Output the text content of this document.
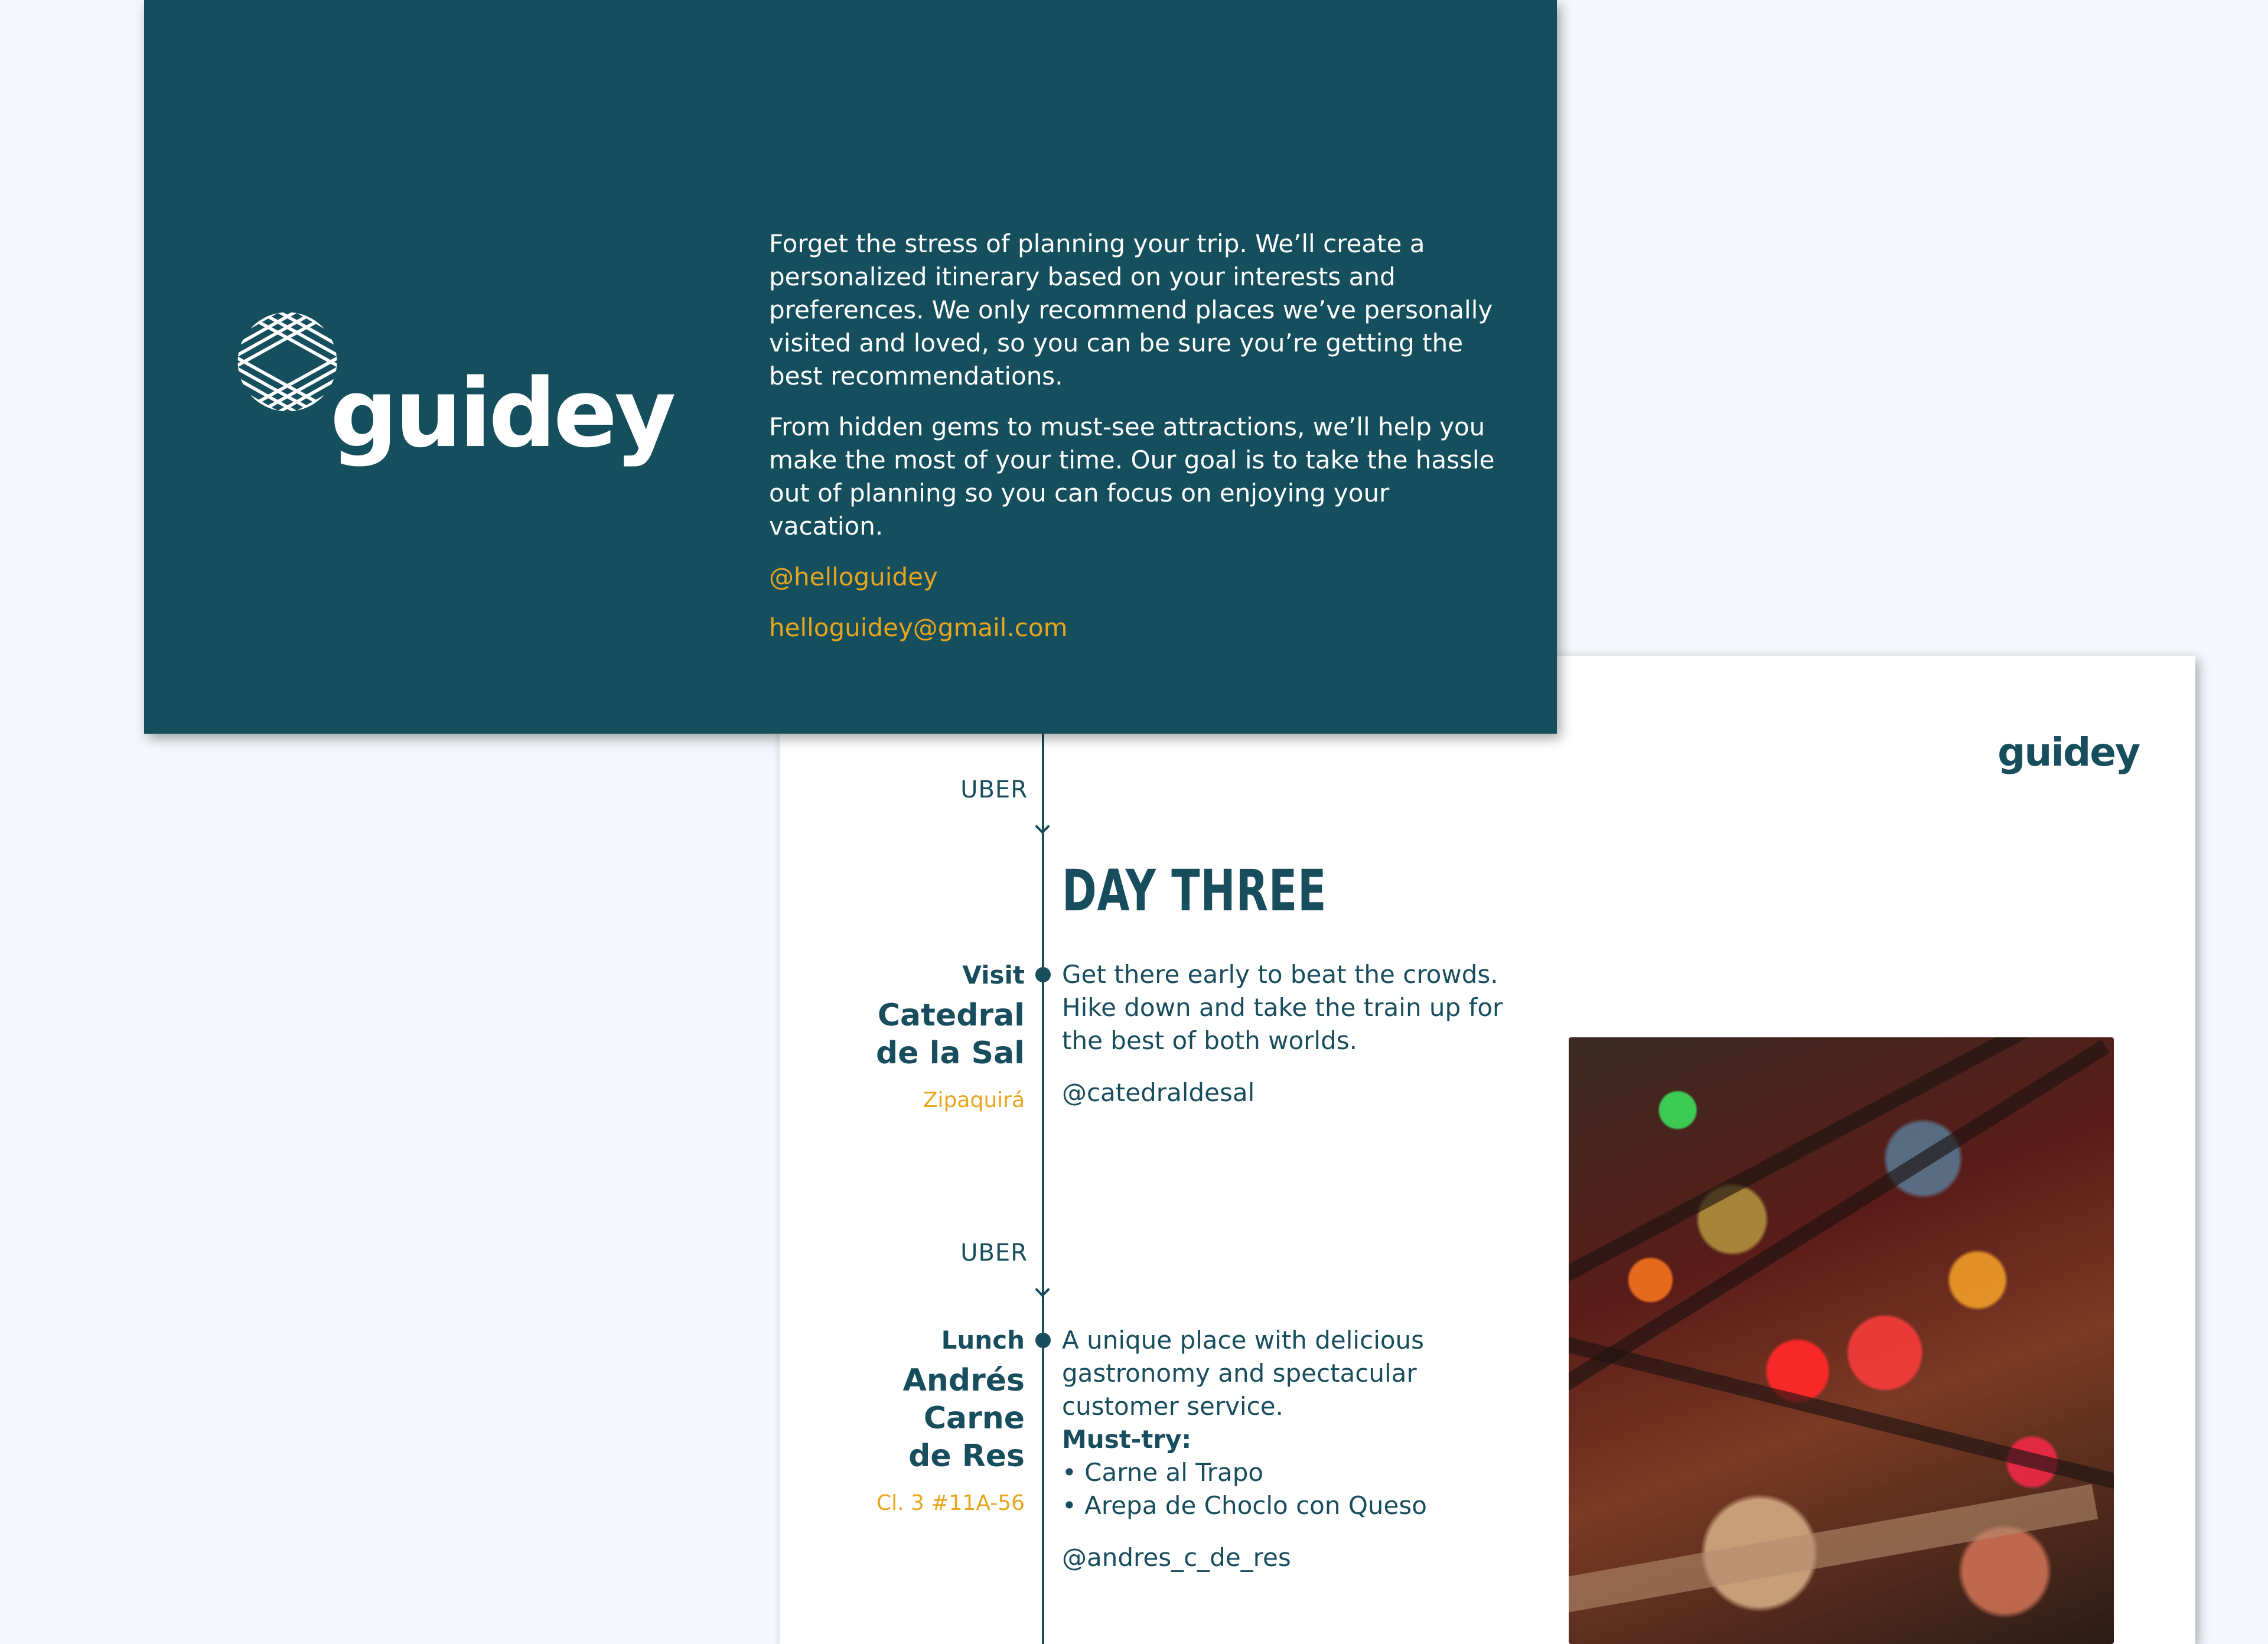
guidey
UBER
DAY THREE
Visit
Catedral
de la Sal
Zipaquirá

Get there early to beat the crowds. Hike down and take the train up for the best of both worlds.

@catedraldesal

UBER
Lunch
Andrés
Carne
de Res
Cl. 3 #11A-56

A unique place with delicious gastronomy and spectacular customer service.

Must-try:

• Carne al Trapo

• Arepa de Choclo con Queso

@andres_c_de_res

guidey

Forget the stress of planning your trip. We’ll create a personalized itinerary based on your interests and preferences. We only recommend places we’ve personally visited and loved, so you can be sure you’re getting the best recommendations.

From hidden gems to must-see attractions, we’ll help you make the most of your time. Our goal is to take the hassle out of planning so you can focus on enjoying your vacation.

@helloguidey

helloguidey@gmail.com
